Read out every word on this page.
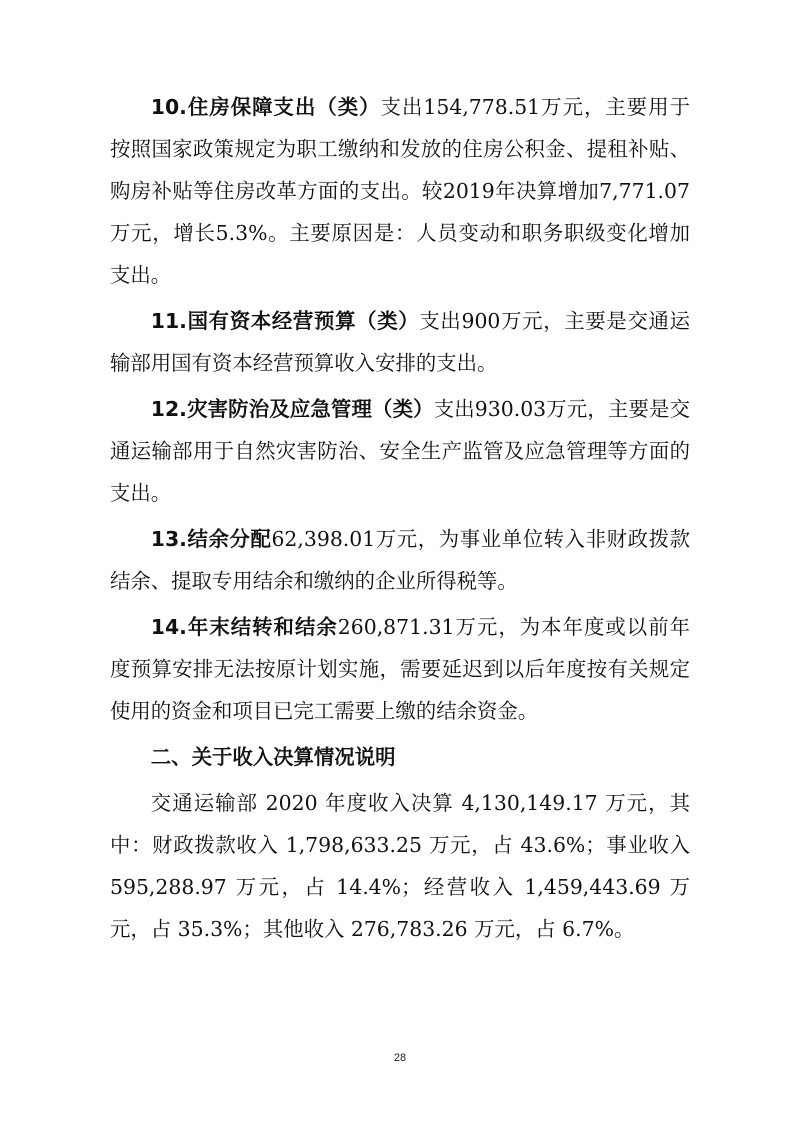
10.住房保障支出（类）支出154,778.51万元，主要用于按照国家政策规定为职工缴纳和发放的住房公积金、提租补贴、购房补贴等住房改革方面的支出。较2019年决算增加7,771.07万元，增长5.3%。主要原因是：人员变动和职务职级变化增加支出。

11.国有资本经营预算（类）支出900万元，主要是交通运输部用国有资本经营预算收入安排的支出。

12.灾害防治及应急管理（类）支出930.03万元，主要是交通运输部用于自然灾害防治、安全生产监管及应急管理等方面的支出。

13.结余分配62,398.01万元，为事业单位转入非财政拨款结余、提取专用结余和缴纳的企业所得税等。

14.年末结转和结余260,871.31万元，为本年度或以前年度预算安排无法按原计划实施，需要延迟到以后年度按有关规定使用的资金和项目已完工需要上缴的结余资金。

二、关于收入决算情况说明

交通运输部 2020 年度收入决算 4,130,149.17 万元，其中：财政拨款收入 1,798,633.25 万元，占 43.6%；事业收入 595,288.97 万元，占 14.4%；经营收入 1,459,443.69 万元，占 35.3%；其他收入 276,783.26 万元，占 6.7%。

28
